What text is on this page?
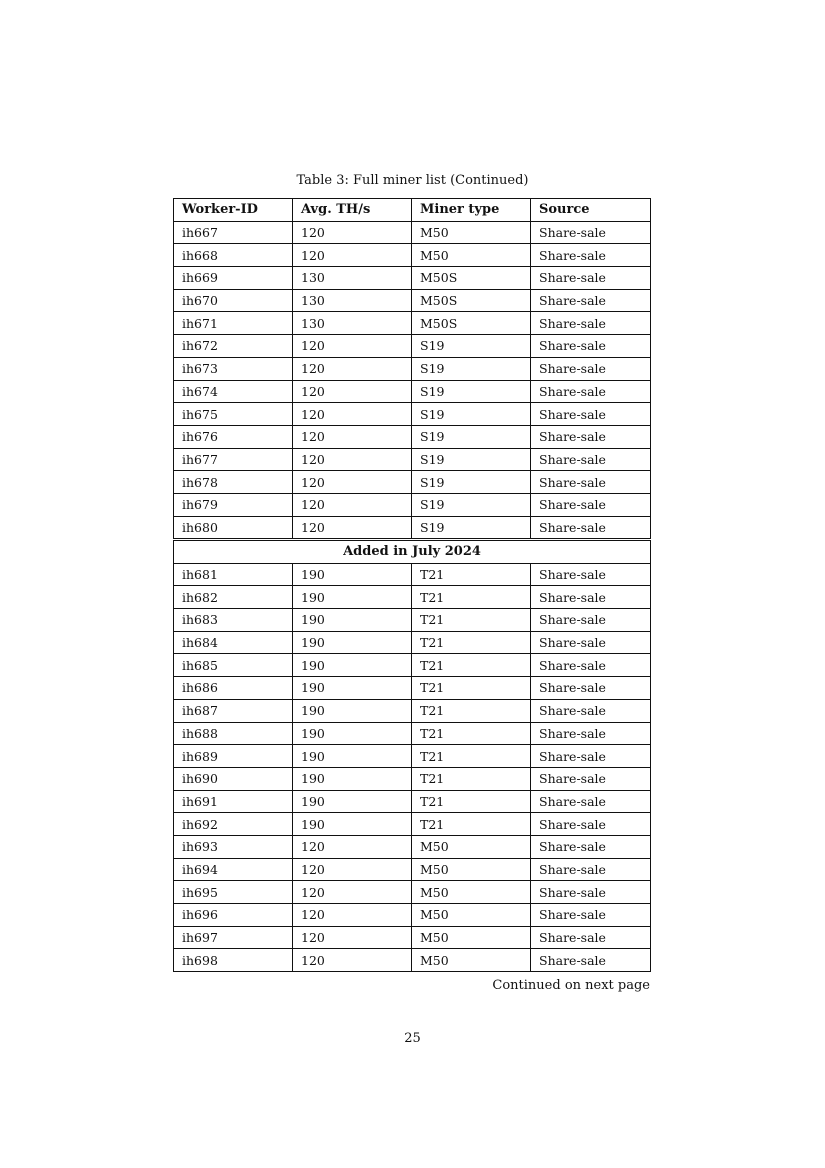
Table 3: Full miner list (Continued)
Worker-ID	Avg. TH/s	Miner type	Source
ih667	120	M50	Share-sale
ih668	120	M50	Share-sale
ih669	130	M50S	Share-sale
ih670	130	M50S	Share-sale
ih671	130	M50S	Share-sale
ih672	120	S19	Share-sale
ih673	120	S19	Share-sale
ih674	120	S19	Share-sale
ih675	120	S19	Share-sale
ih676	120	S19	Share-sale
ih677	120	S19	Share-sale
ih678	120	S19	Share-sale
ih679	120	S19	Share-sale
ih680	120	S19	Share-sale
Added in July 2024			
ih681	190	T21	Share-sale
ih682	190	T21	Share-sale
ih683	190	T21	Share-sale
ih684	190	T21	Share-sale
ih685	190	T21	Share-sale
ih686	190	T21	Share-sale
ih687	190	T21	Share-sale
ih688	190	T21	Share-sale
ih689	190	T21	Share-sale
ih690	190	T21	Share-sale
ih691	190	T21	Share-sale
ih692	190	T21	Share-sale
ih693	120	M50	Share-sale
ih694	120	M50	Share-sale
ih695	120	M50	Share-sale
ih696	120	M50	Share-sale
ih697	120	M50	Share-sale
ih698	120	M50	Share-sale
Continued on next page
25
